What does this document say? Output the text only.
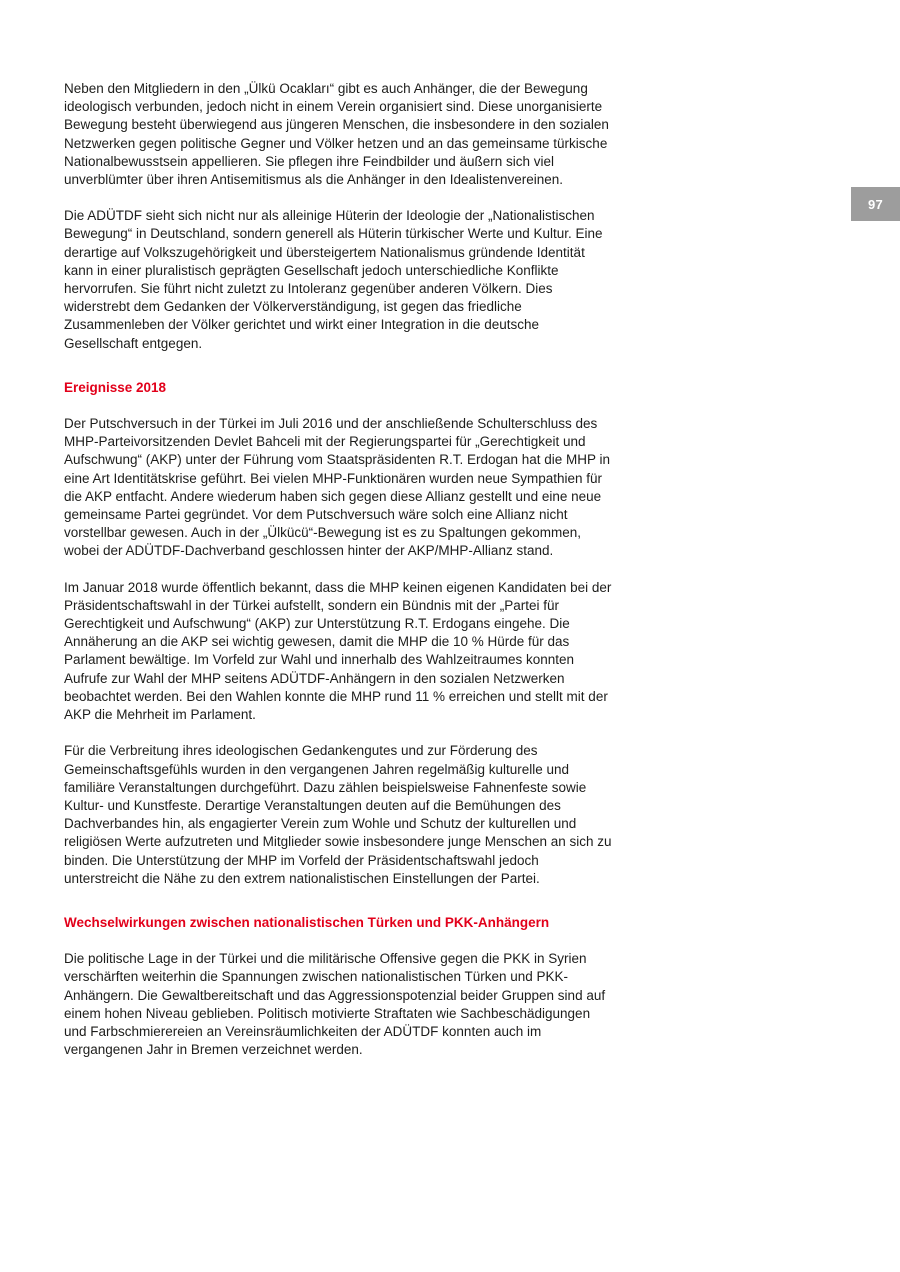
Neben den Mitgliedern in den „Ülkü Ocakları“ gibt es auch Anhänger, die der Bewegung ideologisch verbunden, jedoch nicht in einem Verein organisiert sind. Diese unorganisierte Bewegung besteht überwiegend aus jüngeren Menschen, die insbesondere in den sozialen Netzwerken gegen politische Gegner und Völker hetzen und an das gemeinsame türkische Nationalbewusstsein appellieren. Sie pflegen ihre Feindbilder und äußern sich viel unverblümter über ihren Antisemitismus als die Anhänger in den Idealistenvereinen.

Die ADÜTDF sieht sich nicht nur als alleinige Hüterin der Ideologie der „Nationalistischen Bewegung“ in Deutschland, sondern generell als Hüterin türkischer Werte und Kultur. Eine derartige auf Volkszugehörigkeit und übersteigertem Nationalismus gründende Identität kann in einer pluralistisch geprägten Gesellschaft jedoch unterschiedliche Konflikte hervorrufen. Sie führt nicht zuletzt zu Intoleranz gegenüber anderen Völkern. Dies widerstrebt dem Gedanken der Völkerverständigung, ist gegen das friedliche Zusammenleben der Völker gerichtet und wirkt einer Integration in die deutsche Gesellschaft entgegen.

Ereignisse 2018

Der Putschversuch in der Türkei im Juli 2016 und der anschließende Schulterschluss des MHP-Parteivorsitzenden Devlet Bahceli mit der Regierungspartei für „Gerechtigkeit und Aufschwung“ (AKP) unter der Führung vom Staatspräsidenten R.T. Erdogan hat die MHP in eine Art Identitätskrise geführt. Bei vielen MHP-Funktionären wurden neue Sympathien für die AKP entfacht. Andere wiederum haben sich gegen diese Allianz gestellt und eine neue gemeinsame Partei gegründet. Vor dem Putschversuch wäre solch eine Allianz nicht vorstellbar gewesen. Auch in der „Ülkücü“-Bewegung ist es zu Spaltungen gekommen, wobei der ADÜTDF-Dachverband geschlossen hinter der AKP/MHP-Allianz stand.

Im Januar 2018 wurde öffentlich bekannt, dass die MHP keinen eigenen Kandidaten bei der Präsidentschaftswahl in der Türkei aufstellt, sondern ein Bündnis mit der „Partei für Gerechtigkeit und Aufschwung“ (AKP) zur Unterstützung R.T. Erdogans eingehe. Die Annäherung an die AKP sei wichtig gewesen, damit die MHP die 10 % Hürde für das Parlament bewältige. Im Vorfeld zur Wahl und innerhalb des Wahlzeitraumes konnten Aufrufe zur Wahl der MHP seitens ADÜTDF-Anhängern in den sozialen Netzwerken beobachtet werden. Bei den Wahlen konnte die MHP rund 11 % erreichen und stellt mit der AKP die Mehrheit im Parlament.

Für die Verbreitung ihres ideologischen Gedankengutes und zur Förderung des Gemeinschaftsgefühls wurden in den vergangenen Jahren regelmäßig kulturelle und familiäre Veranstaltungen durchgeführt. Dazu zählen beispielsweise Fahnenfeste sowie Kultur- und Kunstfeste. Derartige Veranstaltungen deuten auf die Bemühungen des Dachverbandes hin, als engagierter Verein zum Wohle und Schutz der kulturellen und religiösen Werte aufzutreten und Mitglieder sowie insbesondere junge Menschen an sich zu binden. Die Unterstützung der MHP im Vorfeld der Präsidentschaftswahl jedoch unterstreicht die Nähe zu den extrem nationalistischen Einstellungen der Partei.

Wechselwirkungen zwischen nationalistischen Türken und PKK-Anhängern

Die politische Lage in der Türkei und die militärische Offensive gegen die PKK in Syrien verschärften weiterhin die Spannungen zwischen nationalistischen Türken und PKK-Anhängern. Die Gewaltbereitschaft und das Aggressionspotenzial beider Gruppen sind auf einem hohen Niveau geblieben. Politisch motivierte Straftaten wie Sachbeschädigungen und Farbschmierereien an Vereinsräumlichkeiten der ADÜTDF konnten auch im vergangenen Jahr in Bremen verzeichnet werden.

97
